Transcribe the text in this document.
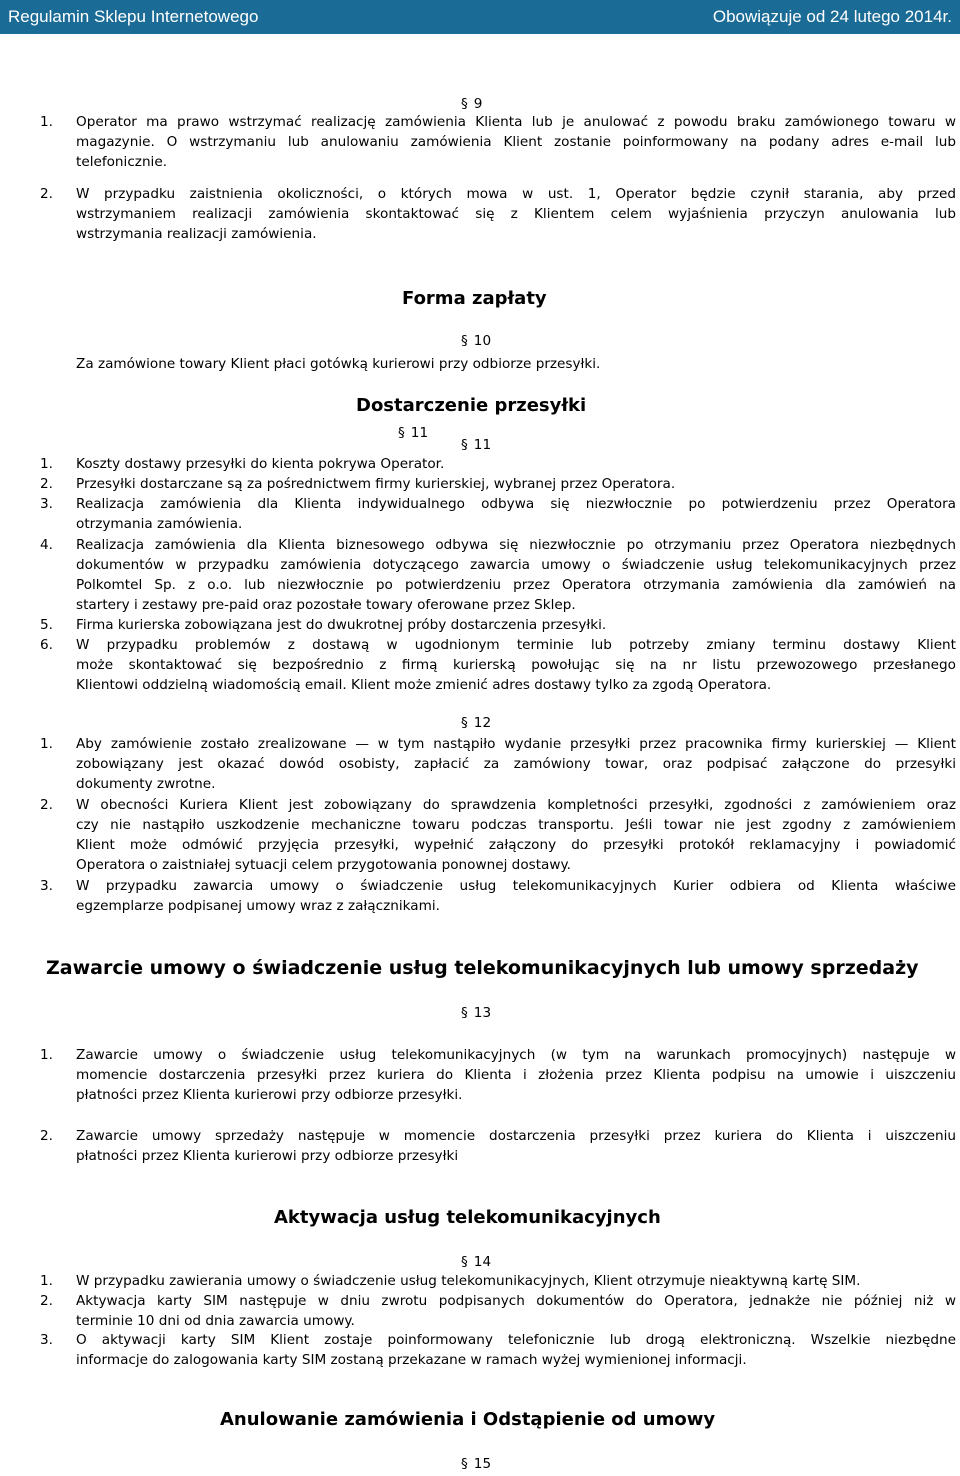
Regulamin Sklepu Internetowego	Obowiązuje od 24 lutego 2014r.
§ 9
1. Operator ma prawo wstrzymać realizację zamówienia Klienta lub je anulować z powodu braku zamówionego towaru w
magazynie. O wstrzymaniu lub anulowaniu zamówienia Klient zostanie poinformowany na podany adres e-mail lub
telefonicznie.
2. W przypadku zaistnienia okoliczności, o których mowa w ust. 1, Operator będzie czynił starania, aby przed
wstrzymaniem realizacji zamówienia skontaktować się z Klientem celem wyjaśnienia przyczyn anulowania lub
wstrzymania realizacji zamówienia.
Forma zapłaty
§ 10
Za zamówione towary Klient płaci gotówką kurierowi przy odbiorze przesyłki.
Dostarczenie przesyłki
§ 11
§ 11
1. Koszty dostawy przesyłki do kienta pokrywa Operator.
2. Przesyłki dostarczane są za pośrednictwem firmy kurierskiej, wybranej przez Operatora.
3. Realizacja zamówienia dla Klienta indywidualnego odbywa się niezwłocznie po potwierdzeniu przez Operatora
otrzymania zamówienia.
4. Realizacja zamówienia dla Klienta biznesowego odbywa się niezwłocznie po otrzymaniu przez Operatora niezbędnych
dokumentów w przypadku zamówienia dotyczącego zawarcia umowy o świadczenie usług telekomunikacyjnych przez
Polkomtel Sp. z o.o. lub niezwłocznie po potwierdzeniu przez Operatora otrzymania zamówienia dla zamówień na
startery i zestawy pre-paid oraz pozostałe towary oferowane przez Sklep.
5. Firma kurierska zobowiązana jest do dwukrotnej próby dostarczenia przesyłki.
6. W przypadku problemów z dostawą w ugodnionym terminie lub potrzeby zmiany terminu dostawy Klient
może skontaktować się bezpośrednio z firmą kurierską powołując się na nr listu przewozowego przesłanego
Klientowi oddzielną wiadomością email. Klient może zmienić adres dostawy tylko za zgodą Operatora.
§ 12
1. Aby zamówienie zostało zrealizowane — w tym nastąpiło wydanie przesyłki przez pracownika firmy kurierskiej — Klient
zobowiązany jest okazać dowód osobisty, zapłacić za zamówiony towar, oraz podpisać załączone do przesyłki
dokumenty zwrotne.
2. W obecności Kuriera Klient jest zobowiązany do sprawdzenia kompletności przesyłki, zgodności z zamówieniem oraz
czy nie nastąpiło uszkodzenie mechaniczne towaru podczas transportu. Jeśli towar nie jest zgodny z zamówieniem
Klient może odmówić przyjęcia przesyłki, wypełnić załączony do przesyłki protokół reklamacyjny i powiadomić
Operatora o zaistniałej sytuacji celem przygotowania ponownej dostawy.
3. W przypadku zawarcia umowy o świadczenie usług telekomunikacyjnych Kurier odbiera od Klienta właściwe
egzemplarze podpisanej umowy wraz z załącznikami.
Zawarcie umowy o świadczenie usług telekomunikacyjnych lub umowy sprzedaży
§ 13
1. Zawarcie umowy o świadczenie usług telekomunikacyjnych (w tym na warunkach promocyjnych) następuje w
momencie dostarczenia przesyłki przez kuriera do Klienta i złożenia przez Klienta podpisu na umowie i uiszczeniu
płatności przez Klienta kurierowi przy odbiorze przesyłki.
2. Zawarcie umowy sprzedaży następuje w momencie dostarczenia przesyłki przez kuriera do Klienta i uiszczeniu
płatności przez Klienta kurierowi przy odbiorze przesyłki
Aktywacja usług telekomunikacyjnych
§ 14
1. W przypadku zawierania umowy o świadczenie usług telekomunikacyjnych, Klient otrzymuje nieaktywną kartę SIM.
2. Aktywacja karty SIM następuje w dniu zwrotu podpisanych dokumentów do Operatora, jednakże nie później niż w
terminie 10 dni od dnia zawarcia umowy.
3. O aktywacji karty SIM Klient zostaje poinformowany telefonicznie lub drogą elektroniczną. Wszelkie niezbędne
informacje do zalogowania karty SIM zostaną przekazane w ramach wyżej wymienionej informacji.
Anulowanie zamówienia i Odstąpienie od umowy
§ 15
